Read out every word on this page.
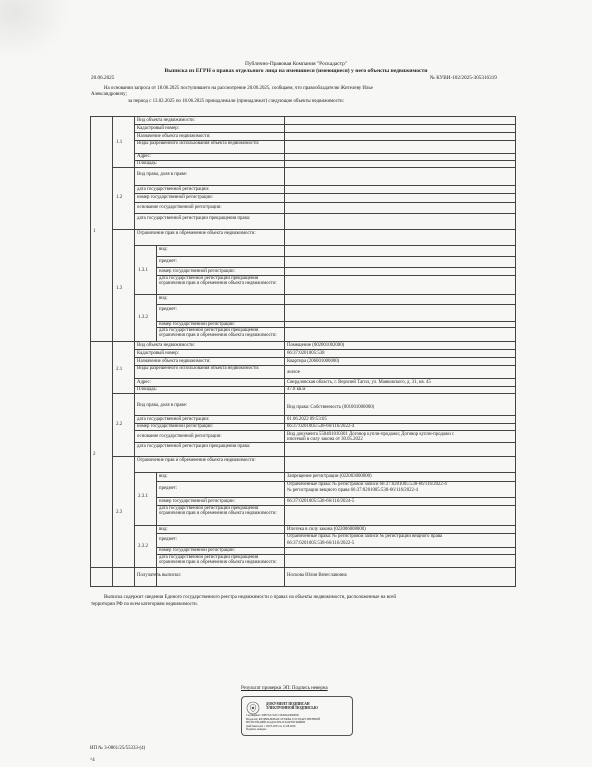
Публично-Правовая Компания "Роскадастр"
Выписка из ЕГРН о правах отдельного лица на имевшиеся (имеющиеся) у него объекты недвижимости
20.06.2025	№ КУВИ-102/2025-305316319
На основании запроса от 18.06.2025 поступившего на рассмотрение 20.06.2025, сообщаем, что правообладателю Жителеву Илье
Александровичу;
за период с 13.02.2025 по 18.06.2025 принадлежали (принадлежат) следующие объекты недвижимости:
1
1.1
1.2
1.3
1.3.1
1.3.2
Вид объекта недвижимости:
Кадастровый номер:
Назначение объекта недвижимости:
Виды разрешенного использования объекта недвижимости:
Адрес:
Площадь:
Вид права, доля в праве:
дата государственной регистрации:
номер государственной регистрации:
основание государственной регистрации:
дата государственной регистрации прекращения права:
Ограничение прав и обременение объекта недвижимости:
вид:
предмет:
номер государственной регистрации:
дата государственной регистрации прекращения ограничения прав и обременения объекта недвижимости:
вид:
предмет:
номер государственной регистрации:
дата государственной регистрации прекращения ограничения прав и обременения объекта недвижимости:
2
2.1
2.2
2.3
2.3.1
2.3.2
Вид объекта недвижимости:
Кадастровый номер:
Назначение объекта недвижимости:
Виды разрешенного использования объекта недвижимости:
Адрес:
Площадь:
Вид права, доля в праве:
дата государственной регистрации:
номер государственной регистрации:
основание государственной регистрации:
дата государственной регистрации прекращения права:
Ограничение прав и обременение объекта недвижимости:
вид:
предмет:
номер государственной регистрации:
дата государственной регистрации прекращения ограничения прав и обременения объекта недвижимости:
вид:
предмет:
номер государственной регистрации:
дата государственной регистрации прекращения ограничения прав и обременения объекта недвижимости:
Помещение (002001002000)
66:37:0201005:538
Квартира (206001000000)
жилое
Свердловская область, г. Верхний Тагил, ул. Маяковского, д. 31, кв. 45
47.8 кв.м
Вид права: Собственность (001001000000)
01.06.2022 09:53:05
66:37:0201005:538-66/116/2022-4
Вид документа 558401010301 Договор купли-продажи; Договор купли-продажи с
ипотекой в силу закона от 30.05.2022
Запрещение регистрации (022003000000)
Ограниченные права: № регистровой записи 66:37:0201005:538-66/116/2022-4
№ регистрации вещного права 66:37:0201005:538-66/116/2022-4
66:37:0201005:538-66/116/2024-5
Ипотека в силу закона (022006008000)
Ограниченные права: № регистровой записи № регистрации вещного права
66:37:0201005:538-66/116/2022-5
Получатель выписки:	Носкова Юлия Вячеславовна
Выписка содержит сведения Единого государственного реестра недвижимости о правах на объекты недвижимости, расположенные на всей
территории РФ по всем категориям недвижимости.
Результат проверки ЭП: Подпись неверна
ДОКУМЕНТ ПОДПИСАН
ЭЛЕКТРОННОЙ ПОДПИСЬЮ
Сертификат: 00B75A7AF1C3642DA9000000
Владелец: ФЕДЕРАЛЬНАЯ СЛУЖБА ГОСУДАРСТВЕННОЙ
РЕГИСТРАЦИИ, КАДАСТРА И КАРТОГРАФИИ
Действителен: с 28.05.2025 по 21.08.2026
Подпись неверна
ИП № 3-0861/25/55333-(4)
^4
